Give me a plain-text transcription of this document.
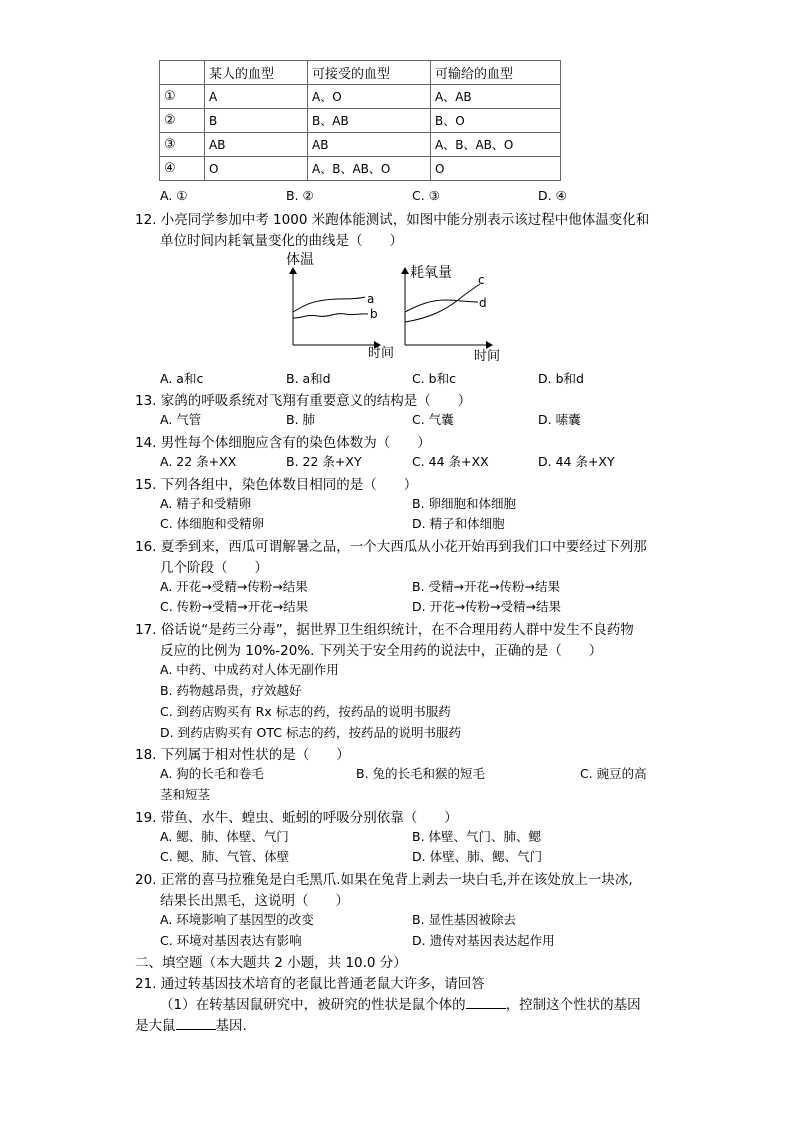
	某人的血型	可接受的血型	可输给的血型
①	A	A、O	A、AB
②	B	B、AB	B、O
③	AB	AB	A、B、AB、O
④	O	A、B、AB、O	O
A. ①	B. ②	C. ③	D. ④
12. 小亮同学参加中考 1000 米跑体能测试，如图中能分别表示该过程中他体温变化和
单位时间内耗氧量变化的曲线是（　　）
体温
a
b
时间
耗氧量 c
d
时间
A. a和c	B. a和d	C. b和c	D. b和d
13. 家鸽的呼吸系统对飞翔有重要意义的结构是（　　）
A. 气管	B. 肺	C. 气囊	D. 嗉囊
14. 男性每个体细胞应含有的染色体数为（　　）
A. 22 条+XX	B. 22 条+XY	C. 44 条+XX	D. 44 条+XY
15. 下列各组中，染色体数目相同的是（　　）
A. 精子和受精卵	B. 卵细胞和体细胞
C. 体细胞和受精卵	D. 精子和体细胞
16. 夏季到来，西瓜可谓解暑之品，一个大西瓜从小花开始再到我们口中要经过下列那
几个阶段（　　）
A. 开花→受精→传粉→结果	B. 受精→开花→传粉→结果
C. 传粉→受精→开花→结果	D. 开花→传粉→受精→结果
17. 俗话说“是药三分毒”，据世界卫生组织统计，在不合理用药人群中发生不良药物
反应的比例为 10%-20%. 下列关于安全用药的说法中，正确的是（　　）
A. 中药、中成药对人体无副作用
B. 药物越昂贵，疗效越好
C. 到药店购买有 Rx 标志的药，按药品的说明书服药
D. 到药店购买有 OTC 标志的药，按药品的说明书服药
18. 下列属于相对性状的是（　　）
A. 狗的长毛和卷毛	B. 兔的长毛和猴的短毛	C. 豌豆的高
茎和短茎
19. 带鱼、水牛、蝗虫、蚯蚓的呼吸分别依靠（　　）
A. 鳃、肺、体壁、气门	B. 体壁、气门、肺、鳃
C. 鳃、肺、气管、体壁	D. 体壁、肺、鳃、气门
20. 正常的喜马拉雅兔是白毛黑爪.如果在兔背上剥去一块白毛,并在该处放上一块冰,
结果长出黑毛，这说明（　　）
A. 环境影响了基因型的改变	B. 显性基因被除去
C. 环境对基因表达有影响	D. 遗传对基因表达起作用
二、填空题（本大题共 2 小题，共 10.0 分）
21. 通过转基因技术培育的老鼠比普通老鼠大许多，请回答
（1）在转基因鼠研究中，被研究的性状是鼠个体的	，控制这个性状的基因
是大鼠	基因.
